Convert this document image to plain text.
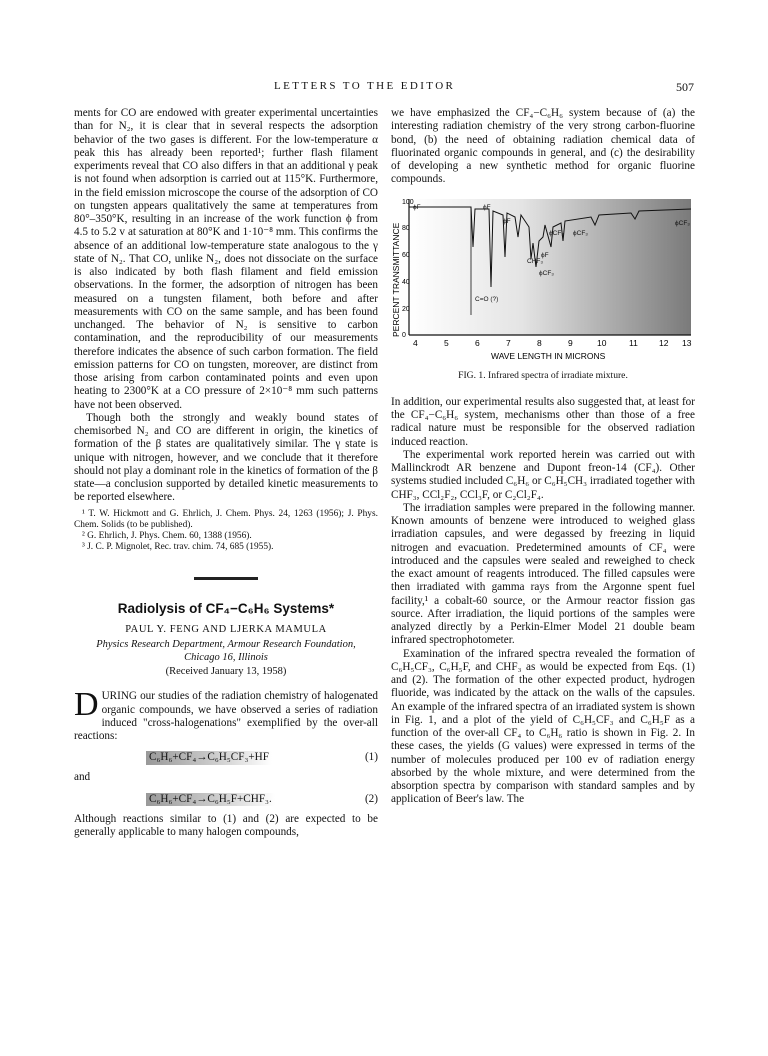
LETTERS TO THE EDITOR	507

ments for CO are endowed with greater experimental uncertainties than for N₂, it is clear that in several respects the adsorption behavior of the two gases is different. For the low-temperature α peak this has already been reported¹; further flash filament experiments reveal that CO also differs in that an additional γ peak is not found when adsorption is carried out at 115°K. Furthermore, in the field emission microscope the course of the adsorption of CO on tungsten appears qualitatively the same at temperatures from 80°–350°K, resulting in an increase of the work function ϕ from 4.5 to 5.2 v at saturation at 80°K and 1·10⁻⁸ mm. This confirms the absence of an additional low-temperature state analogous to the γ state of N₂. That CO, unlike N₂, does not dissociate on the surface is also indicated by both flash filament and field emission observations. In the former, the adsorption of nitrogen has been measured on a tungsten filament, both before and after measurements with CO on the same sample, and has been found unchanged. The behavior of N₂ is sensitive to carbon contamination, and the reproducibility of our measurements therefore indicates the absence of such carbon formation. The field emission patterns for CO on tungsten, moreover, are distinct from those arising from carbon contaminated points and even upon heating to 2300°K at a CO pressure of 2×10⁻⁸ mm such patterns have not been observed.

Though both the strongly and weakly bound states of chemisorbed N₂ and CO are different in origin, the kinetics of formation of the β states are qualitatively similar. The γ state is unique with nitrogen, however, and we conclude that it therefore should not play a dominant role in the kinetics of formation of the β state—a conclusion supported by detailed kinetic measurements to be reported elsewhere.

¹ T. W. Hickmott and G. Ehrlich, J. Chem. Phys. 24, 1263 (1956); J. Phys. Chem. Solids (to be published).
² G. Ehrlich, J. Phys. Chem. 60, 1388 (1956).
³ J. C. P. Mignolet, Rec. trav. chim. 74, 685 (1955).
Radiolysis of CF₄−C₆H₆ Systems*
PAUL Y. FENG AND LJERKA MAMULA
Physics Research Department, Armour Research Foundation,
Chicago 16, Illinois
(Received January 13, 1958)

DURING our studies of the radiation chemistry of halogenated organic compounds, we have observed a series of radiation induced "cross-halogenations" exemplified by the over-all reactions:

C₆H₆+CF₄→C₆H₅CF₃+HF	(1)
and
C₆H₆+CF₄→C₆H₅F+CHF₃.	(2)

Although reactions similar to (1) and (2) are expected to be generally applicable to many halogen compounds,

we have emphasized the CF₄−C₆H₆ system because of (a) the interesting radiation chemistry of the very strong carbon-fluorine bond, (b) the need of obtaining radiation chemical data of fluorinated organic compounds in general, and (c) the desirability of developing a new synthetic method for organic fluorine compounds.

PERCENT TRANSMITTANCE
100
80
60
40
20
0
4	5	6	7	8	9	10	11 12 13
WAVE LENGTH IN MICRONS
ϕF	ϕF
ϕF	ϕCF₃
ϕCF₃ ϕCF₃
CHF₃
ϕF
ϕCF₃
C=O (?)
FIG. 1. Infrared spectra of irradiate mixture.

In addition, our experimental results also suggested that, at least for the CF₄−C₆H₆ system, mechanisms other than those of a free radical nature must be responsible for the observed radiation induced reaction.

The experimental work reported herein was carried out with Mallinckrodt AR benzene and Dupont freon-14 (CF₄). Other systems studied included C₆H₆ or C₆H₅CH₃ irradiated together with CHF₃, CCl₂F₂, CCl₃F, or C₂Cl₂F₄.

The irradiation samples were prepared in the following manner. Known amounts of benzene were introduced to weighed glass irradiation capsules, and were degassed by freezing in liquid nitrogen and evacuation. Predetermined amounts of CF₄ were introduced and the capsules were sealed and reweighed to check the exact amount of reagents introduced. The filled capsules were then irradiated with gamma rays from the Argonne spent fuel facility,¹ a cobalt-60 source, or the Armour reactor fission gas source. After irradiation, the liquid portions of the samples were analyzed directly by a Perkin-Elmer Model 21 double beam infrared spectrophotometer.

Examination of the infrared spectra revealed the formation of C₆H₅CF₃, C₆H₅F, and CHF₃ as would be expected from Eqs. (1) and (2). The formation of the other expected product, hydrogen fluoride, was indicated by the attack on the walls of the capsules. An example of the infrared spectra of an irradiated system is shown in Fig. 1, and a plot of the yield of C₆H₅CF₃ and C₆H₅F as a function of the over-all CF₄ to C₆H₆ ratio is shown in Fig. 2. In these cases, the yields (G values) were expressed in terms of the number of molecules produced per 100 ev of radiation energy absorbed by the whole mixture, and were determined from the absorption spectra by comparison with standard samples and by application of Beer's law. The
